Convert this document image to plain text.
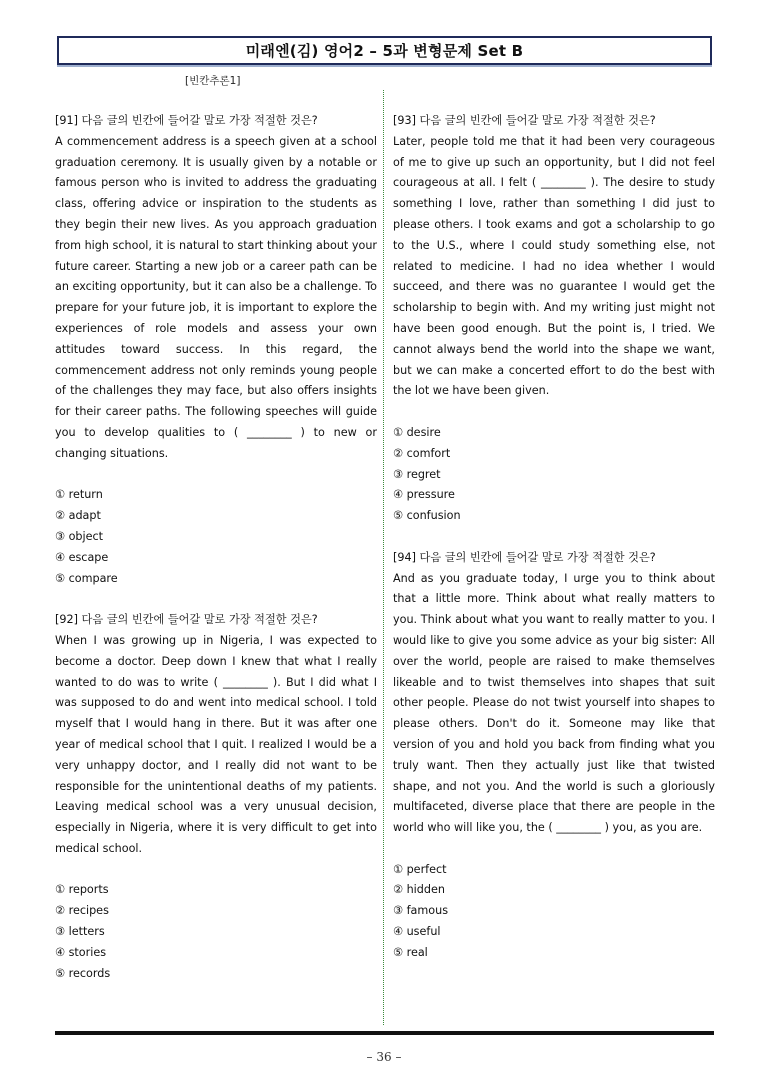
미래엔(김) 영어2 – 5과 변형문제 Set B
[빈칸추론1]
[91] 다음 글의 빈칸에 들어갈 말로 가장 적절한 것은?
A commencement address is a speech given at a school graduation ceremony. It is usually given by a notable or famous person who is invited to address the graduating class, offering advice or inspiration to the students as they begin their new lives. As you approach graduation from high school, it is natural to start thinking about your future career. Starting a new job or a career path can be an exciting opportunity, but it can also be a challenge. To prepare for your future job, it is important to explore the experiences of role models and assess your own attitudes toward success. In this regard, the commencement address not only reminds young people of the challenges they may face, but also offers insights for their career paths. The following speeches will guide you to develop qualities to ( ________ ) to new or changing situations.
① return
② adapt
③ object
④ escape
⑤ compare
[92] 다음 글의 빈칸에 들어갈 말로 가장 적절한 것은?
When I was growing up in Nigeria, I was expected to become a doctor. Deep down I knew that what I really wanted to do was to write ( ________ ). But I did what I was supposed to do and went into medical school. I told myself that I would hang in there. But it was after one year of medical school that I quit. I realized I would be a very unhappy doctor, and I really did not want to be responsible for the unintentional deaths of my patients. Leaving medical school was a very unusual decision, especially in Nigeria, where it is very difficult to get into medical school.
① reports
② recipes
③ letters
④ stories
⑤ records
[93] 다음 글의 빈칸에 들어갈 말로 가장 적절한 것은?
Later, people told me that it had been very courageous of me to give up such an opportunity, but I did not feel courageous at all. I felt ( ________ ). The desire to study something I love, rather than something I did just to please others. I took exams and got a scholarship to go to the U.S., where I could study something else, not related to medicine. I had no idea whether I would succeed, and there was no guarantee I would get the scholarship to begin with. And my writing just might not have been good enough. But the point is, I tried. We cannot always bend the world into the shape we want, but we can make a concerted effort to do the best with the lot we have been given.
① desire
② comfort
③ regret
④ pressure
⑤ confusion
[94] 다음 글의 빈칸에 들어갈 말로 가장 적절한 것은?
And as you graduate today, I urge you to think about that a little more. Think about what really matters to you. Think about what you want to really matter to you. I would like to give you some advice as your big sister: All over the world, people are raised to make themselves likeable and to twist themselves into shapes that suit other people. Please do not twist yourself into shapes to please others. Don't do it. Someone may like that version of you and hold you back from finding what you truly want. Then they actually just like that twisted shape, and not you. And the world is such a gloriously multifaceted, diverse place that there are people in the world who will like you, the ( ________ ) you, as you are.
① perfect
② hidden
③ famous
④ useful
⑤ real
– 36 –
